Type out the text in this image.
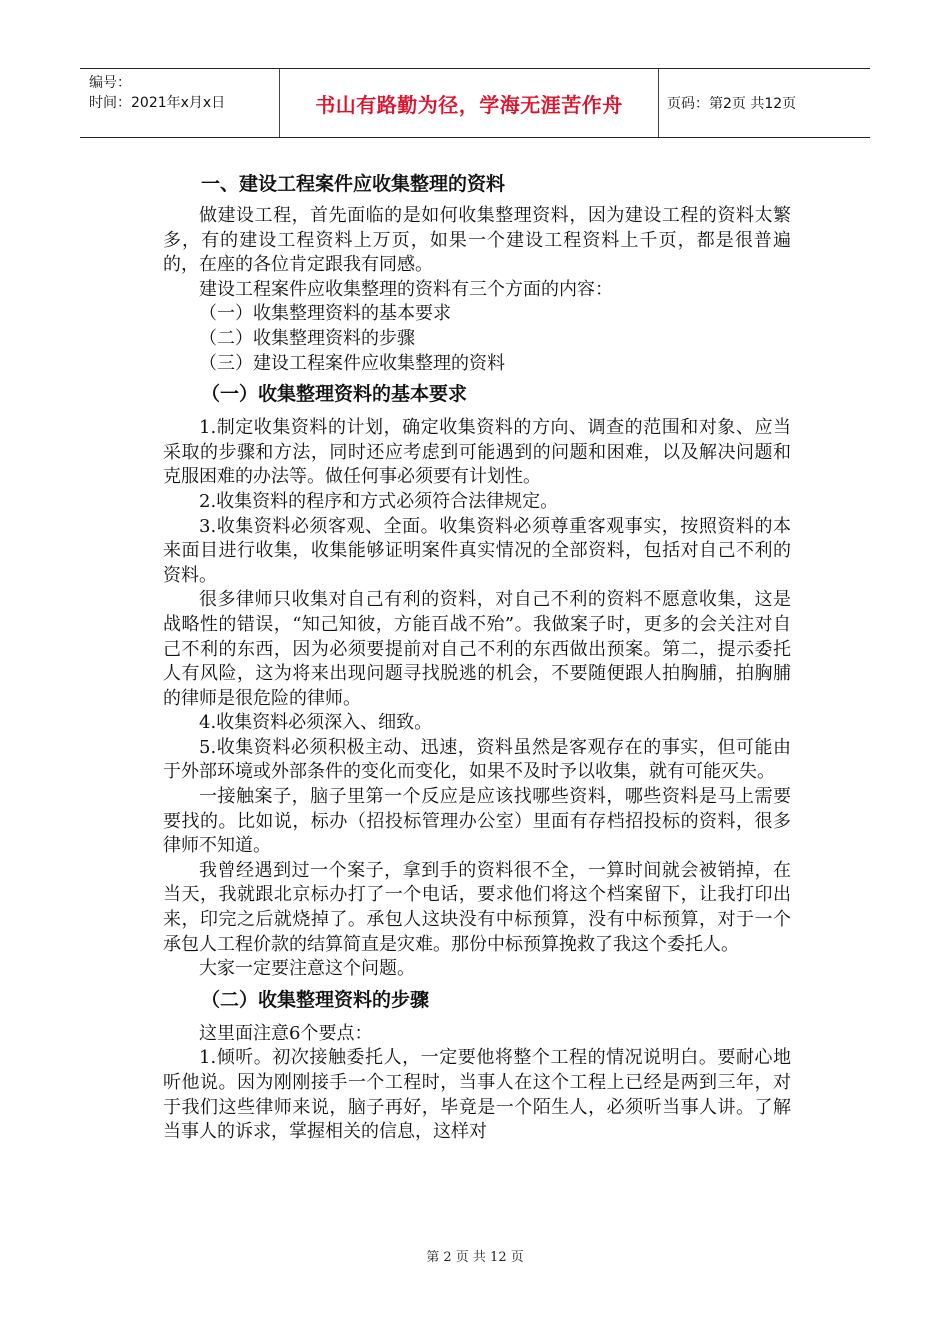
编号：
时间：2021年x月x日	书山有路勤为径，学海无涯苦作舟	页码：第2页 共12页
一、建设工程案件应收集整理的资料

做建设工程，首先面临的是如何收集整理资料，因为建设工程的资料太繁多，有的建设工程资料上万页，如果一个建设工程资料上千页，都是很普遍的，在座的各位肯定跟我有同感。

建设工程案件应收集整理的资料有三个方面的内容：

（一）收集整理资料的基本要求

（二）收集整理资料的步骤

（三）建设工程案件应收集整理的资料

（一）收集整理资料的基本要求

1.制定收集资料的计划，确定收集资料的方向、调查的范围和对象、应当采取的步骤和方法，同时还应考虑到可能遇到的问题和困难，以及解决问题和克服困难的办法等。做任何事必须要有计划性。

2.收集资料的程序和方式必须符合法律规定。

3.收集资料必须客观、全面。收集资料必须尊重客观事实，按照资料的本来面目进行收集，收集能够证明案件真实情况的全部资料，包括对自己不利的资料。

很多律师只收集对自己有利的资料，对自己不利的资料不愿意收集，这是战略性的错误，“知己知彼，方能百战不殆”。我做案子时，更多的会关注对自己不利的东西，因为必须要提前对自己不利的东西做出预案。第二，提示委托人有风险，这为将来出现问题寻找脱逃的机会，不要随便跟人拍胸脯，拍胸脯的律师是很危险的律师。

4.收集资料必须深入、细致。

5.收集资料必须积极主动、迅速，资料虽然是客观存在的事实，但可能由于外部环境或外部条件的变化而变化，如果不及时予以收集，就有可能灭失。

一接触案子，脑子里第一个反应是应该找哪些资料，哪些资料是马上需要要找的。比如说，标办（招投标管理办公室）里面有存档招投标的资料，很多律师不知道。

我曾经遇到过一个案子，拿到手的资料很不全，一算时间就会被销掉，在当天，我就跟北京标办打了一个电话，要求他们将这个档案留下，让我打印出来，印完之后就烧掉了。承包人这块没有中标预算，没有中标预算，对于一个承包人工程价款的结算简直是灾难。那份中标预算挽救了我这个委托人。

大家一定要注意这个问题。

（二）收集整理资料的步骤

这里面注意6个要点：

1.倾听。初次接触委托人，一定要他将整个工程的情况说明白。要耐心地听他说。因为刚刚接手一个工程时，当事人在这个工程上已经是两到三年，对于我们这些律师来说，脑子再好，毕竟是一个陌生人，必须听当事人讲。了解当事人的诉求，掌握相关的信息，这样对

第 2 页 共 12 页
